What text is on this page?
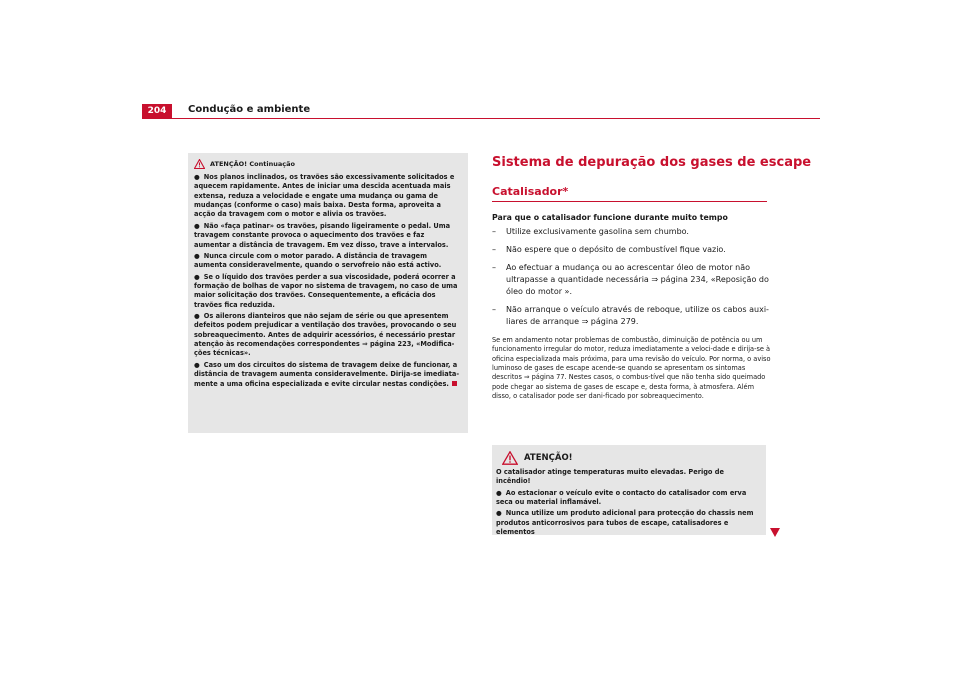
204	Condução e ambiente
ATENÇÃO! Continuação
● Nos planos inclinados, os travões são excessivamente solicitados e aquecem rapidamente. Antes de iniciar uma descida acentuada mais extensa, reduza a velocidade e engate uma mudança ou gama de mudanças (conforme o caso) mais baixa. Desta forma, aproveita a acção da travagem com o motor e alivia os travões.
● Não «faça patinar» os travões, pisando ligeiramente o pedal. Uma travagem constante provoca o aquecimento dos travões e faz aumentar a distância de travagem. Em vez disso, trave a intervalos.
● Nunca circule com o motor parado. A distância de travagem aumenta consideravelmente, quando o servofreio não está activo.
● Se o líquido dos travões perder a sua viscosidade, poderá ocorrer a formação de bolhas de vapor no sistema de travagem, no caso de uma maior solicitação dos travões. Consequentemente, a eficácia dos travões fica reduzida.
● Os ailerons dianteiros que não sejam de série ou que apresentem defeitos podem prejudicar a ventilação dos travões, provocando o seu sobreaquecimento. Antes de adquirir acessórios, é necessário prestar atenção às recomendações correspondentes ⇒ página 223, «Modifica-ções técnicas».
● Caso um dos circuitos do sistema de travagem deixe de funcionar, a distância de travagem aumenta consideravelmente. Dirija-se imediata-mente a uma oficina especializada e evite circular nestas condições.
Sistema de depuração dos gases de escape
Catalisador*
Para que o catalisador funcione durante muito tempo
–	Utilize exclusivamente gasolina sem chumbo.
–	Não espere que o depósito de combustível fique vazio.
–	Ao efectuar a mudança ou ao acrescentar óleo de motor não ultrapasse a quantidade necessária ⇒ página 234, «Reposição do óleo do motor ».
–	Não arranque o veículo através de reboque, utilize os cabos auxi-liares de arranque ⇒ página 279.
Se em andamento notar problemas de combustão, diminuição de potência ou um funcionamento irregular do motor, reduza imediatamente a veloci-dade e dirija-se à oficina especializada mais próxima, para uma revisão do veículo. Por norma, o aviso luminoso de gases de escape acende-se quando se apresentam os sintomas descritos ⇒ página 77. Nestes casos, o combus-tível que não tenha sido queimado pode chegar ao sistema de gases de escape e, desta forma, à atmosfera. Além disso, o catalisador pode ser dani-ficado por sobreaquecimento.
ATENÇÃO!
O catalisador atinge temperaturas muito elevadas. Perigo de incêndio!
● Ao estacionar o veículo evite o contacto do catalisador com erva seca ou material inflamável.
● Nunca utilize um produto adicional para protecção do chassis nem produtos anticorrosivos para tubos de escape, catalisadores e elementos
